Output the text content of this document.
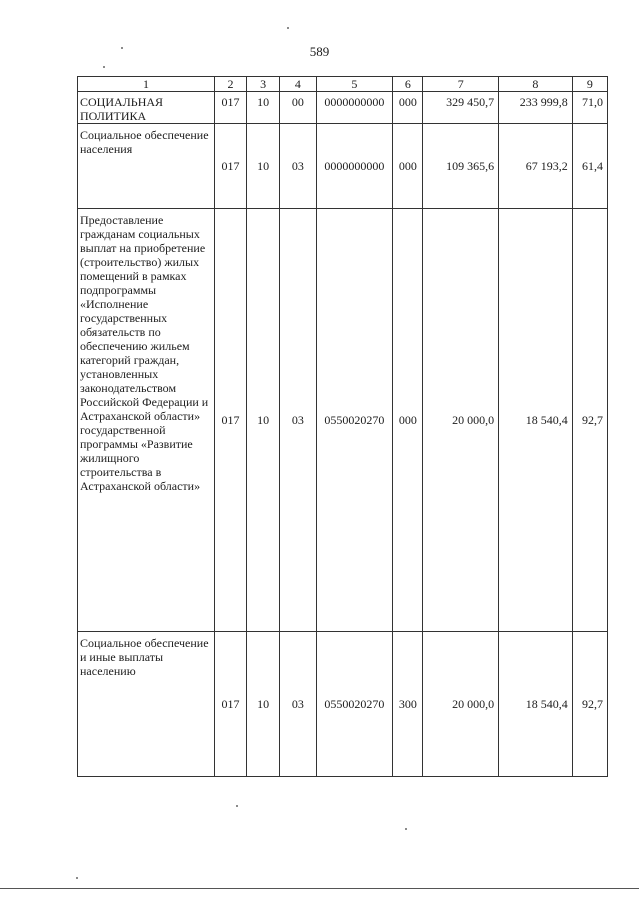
589
1	2	3	4	5	6	7	8	9
СОЦИАЛЬНАЯ ПОЛИТИКА	017	10	00	0000000000	000	329 450,7	233 999,8	71,0
Социальное обеспечение населения	017	10	03	0000000000	000	109 365,6	67 193,2	61,4
Предоставление гражданам социальных выплат на приобретение (строительство) жилых помещений в рамках подпрограммы «Исполнение государственных обязательств по обеспечению жильем категорий граждан, установленных законодательством Российской Федерации и Астраханской области» государственной программы «Развитие жилищного строительства в Астраханской области»	017	10	03	0550020270	000	20 000,0	18 540,4	92,7
Социальное обеспечение и иные выплаты населению	017	10	03	0550020270	300	20 000,0	18 540,4	92,7
